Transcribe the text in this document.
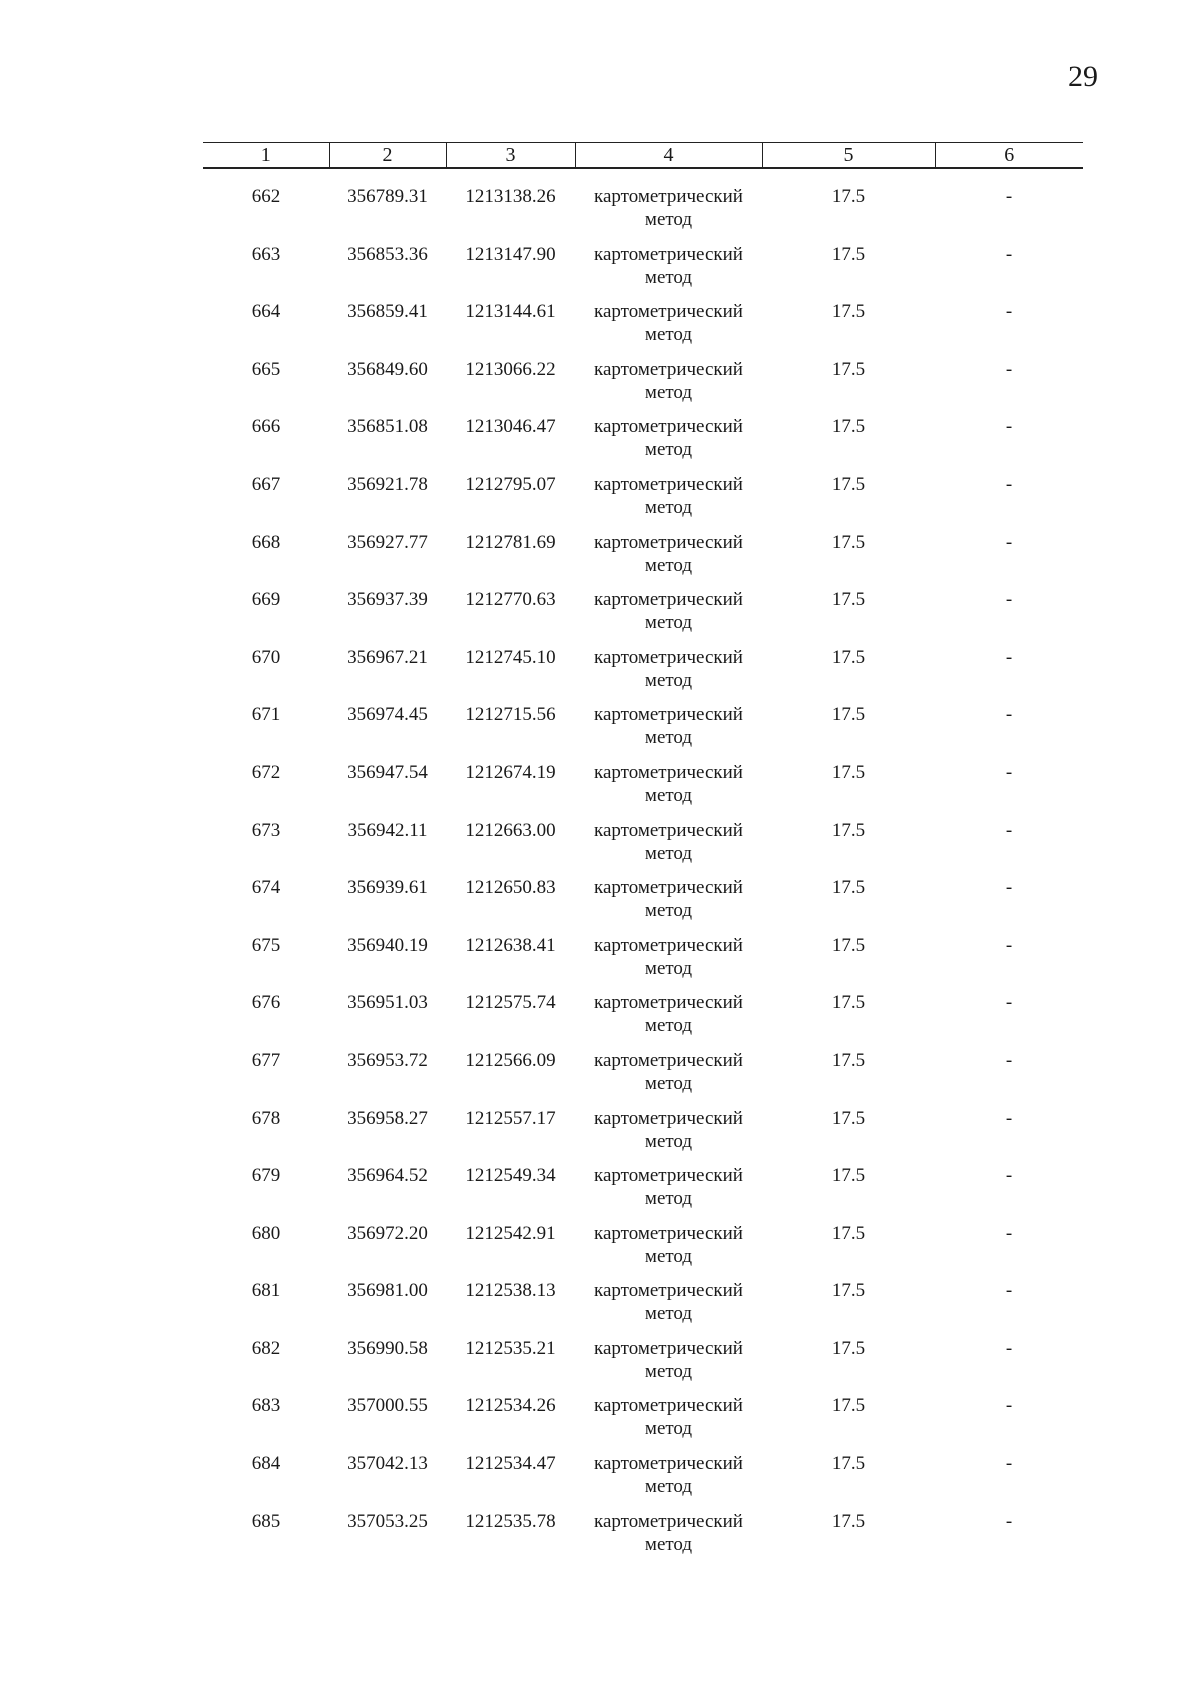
29
1	2	3	4	5	6
662	356789.31	1213138.26	картометрический
метод	17.5	-
663	356853.36	1213147.90	картометрический
метод	17.5	-
664	356859.41	1213144.61	картометрический
метод	17.5	-
665	356849.60	1213066.22	картометрический
метод	17.5	-
666	356851.08	1213046.47	картометрический
метод	17.5	-
667	356921.78	1212795.07	картометрический
метод	17.5	-
668	356927.77	1212781.69	картометрический
метод	17.5	-
669	356937.39	1212770.63	картометрический
метод	17.5	-
670	356967.21	1212745.10	картометрический
метод	17.5	-
671	356974.45	1212715.56	картометрический
метод	17.5	-
672	356947.54	1212674.19	картометрический
метод	17.5	-
673	356942.11	1212663.00	картометрический
метод	17.5	-
674	356939.61	1212650.83	картометрический
метод	17.5	-
675	356940.19	1212638.41	картометрический
метод	17.5	-
676	356951.03	1212575.74	картометрический
метод	17.5	-
677	356953.72	1212566.09	картометрический
метод	17.5	-
678	356958.27	1212557.17	картометрический
метод	17.5	-
679	356964.52	1212549.34	картометрический
метод	17.5	-
680	356972.20	1212542.91	картометрический
метод	17.5	-
681	356981.00	1212538.13	картометрический
метод	17.5	-
682	356990.58	1212535.21	картометрический
метод	17.5	-
683	357000.55	1212534.26	картометрический
метод	17.5	-
684	357042.13	1212534.47	картометрический
метод	17.5	-
685	357053.25	1212535.78	картометрический
метод	17.5	-
